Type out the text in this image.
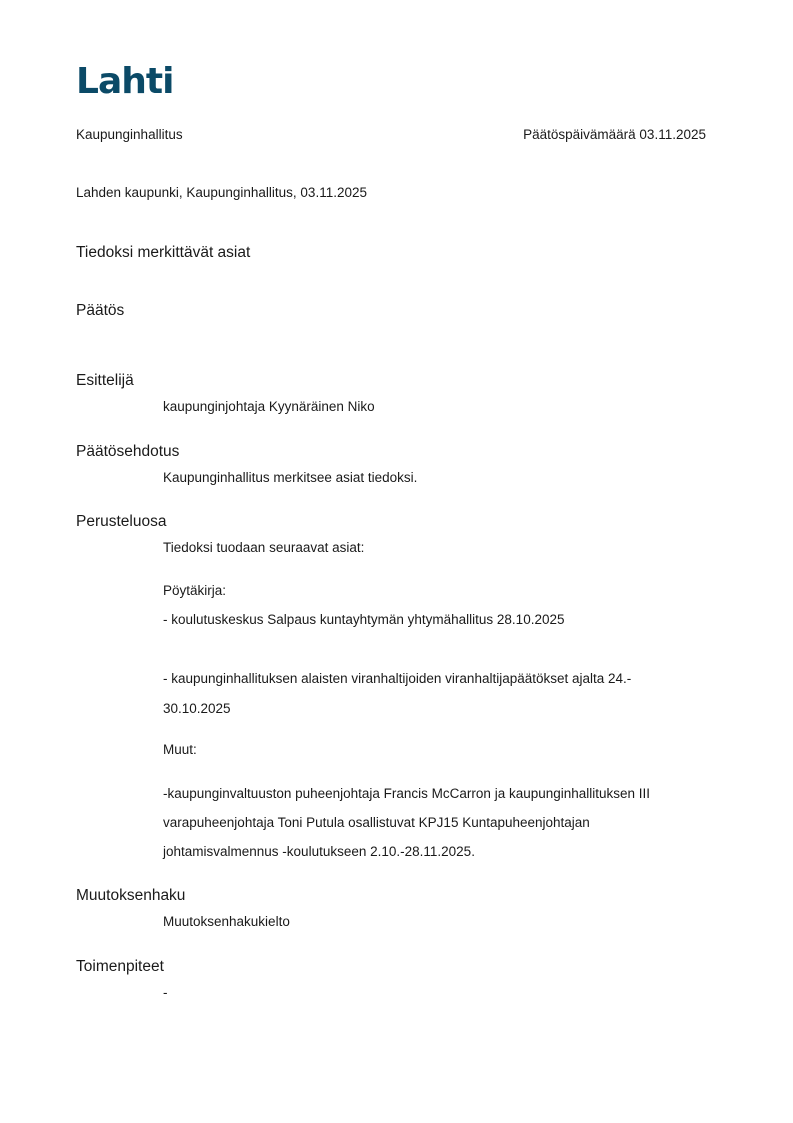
Lahti
Kaupunginhallitus	Päätöspäivämäärä 03.11.2025
Lahden kaupunki, Kaupunginhallitus, 03.11.2025
Tiedoksi merkittävät asiat
Päätös
Esittelijä
kaupunginjohtaja Kyynäräinen Niko
Päätösehdotus
Kaupunginhallitus merkitsee asiat tiedoksi.
Perusteluosa
Tiedoksi tuodaan seuraavat asiat:
Pöytäkirja:
- koulutuskeskus Salpaus kuntayhtymän yhtymähallitus 28.10.2025
- kaupunginhallituksen alaisten viranhaltijoiden viranhaltijapäätökset ajalta 24.-
30.10.2025
Muut:
-kaupunginvaltuuston puheenjohtaja Francis McCarron ja kaupunginhallituksen III
varapuheenjohtaja Toni Putula osallistuvat KPJ15 Kuntapuheenjohtajan
johtamisvalmennus -koulutukseen 2.10.-28.11.2025.
Muutoksenhaku
Muutoksenhakukielto
Toimenpiteet
-
